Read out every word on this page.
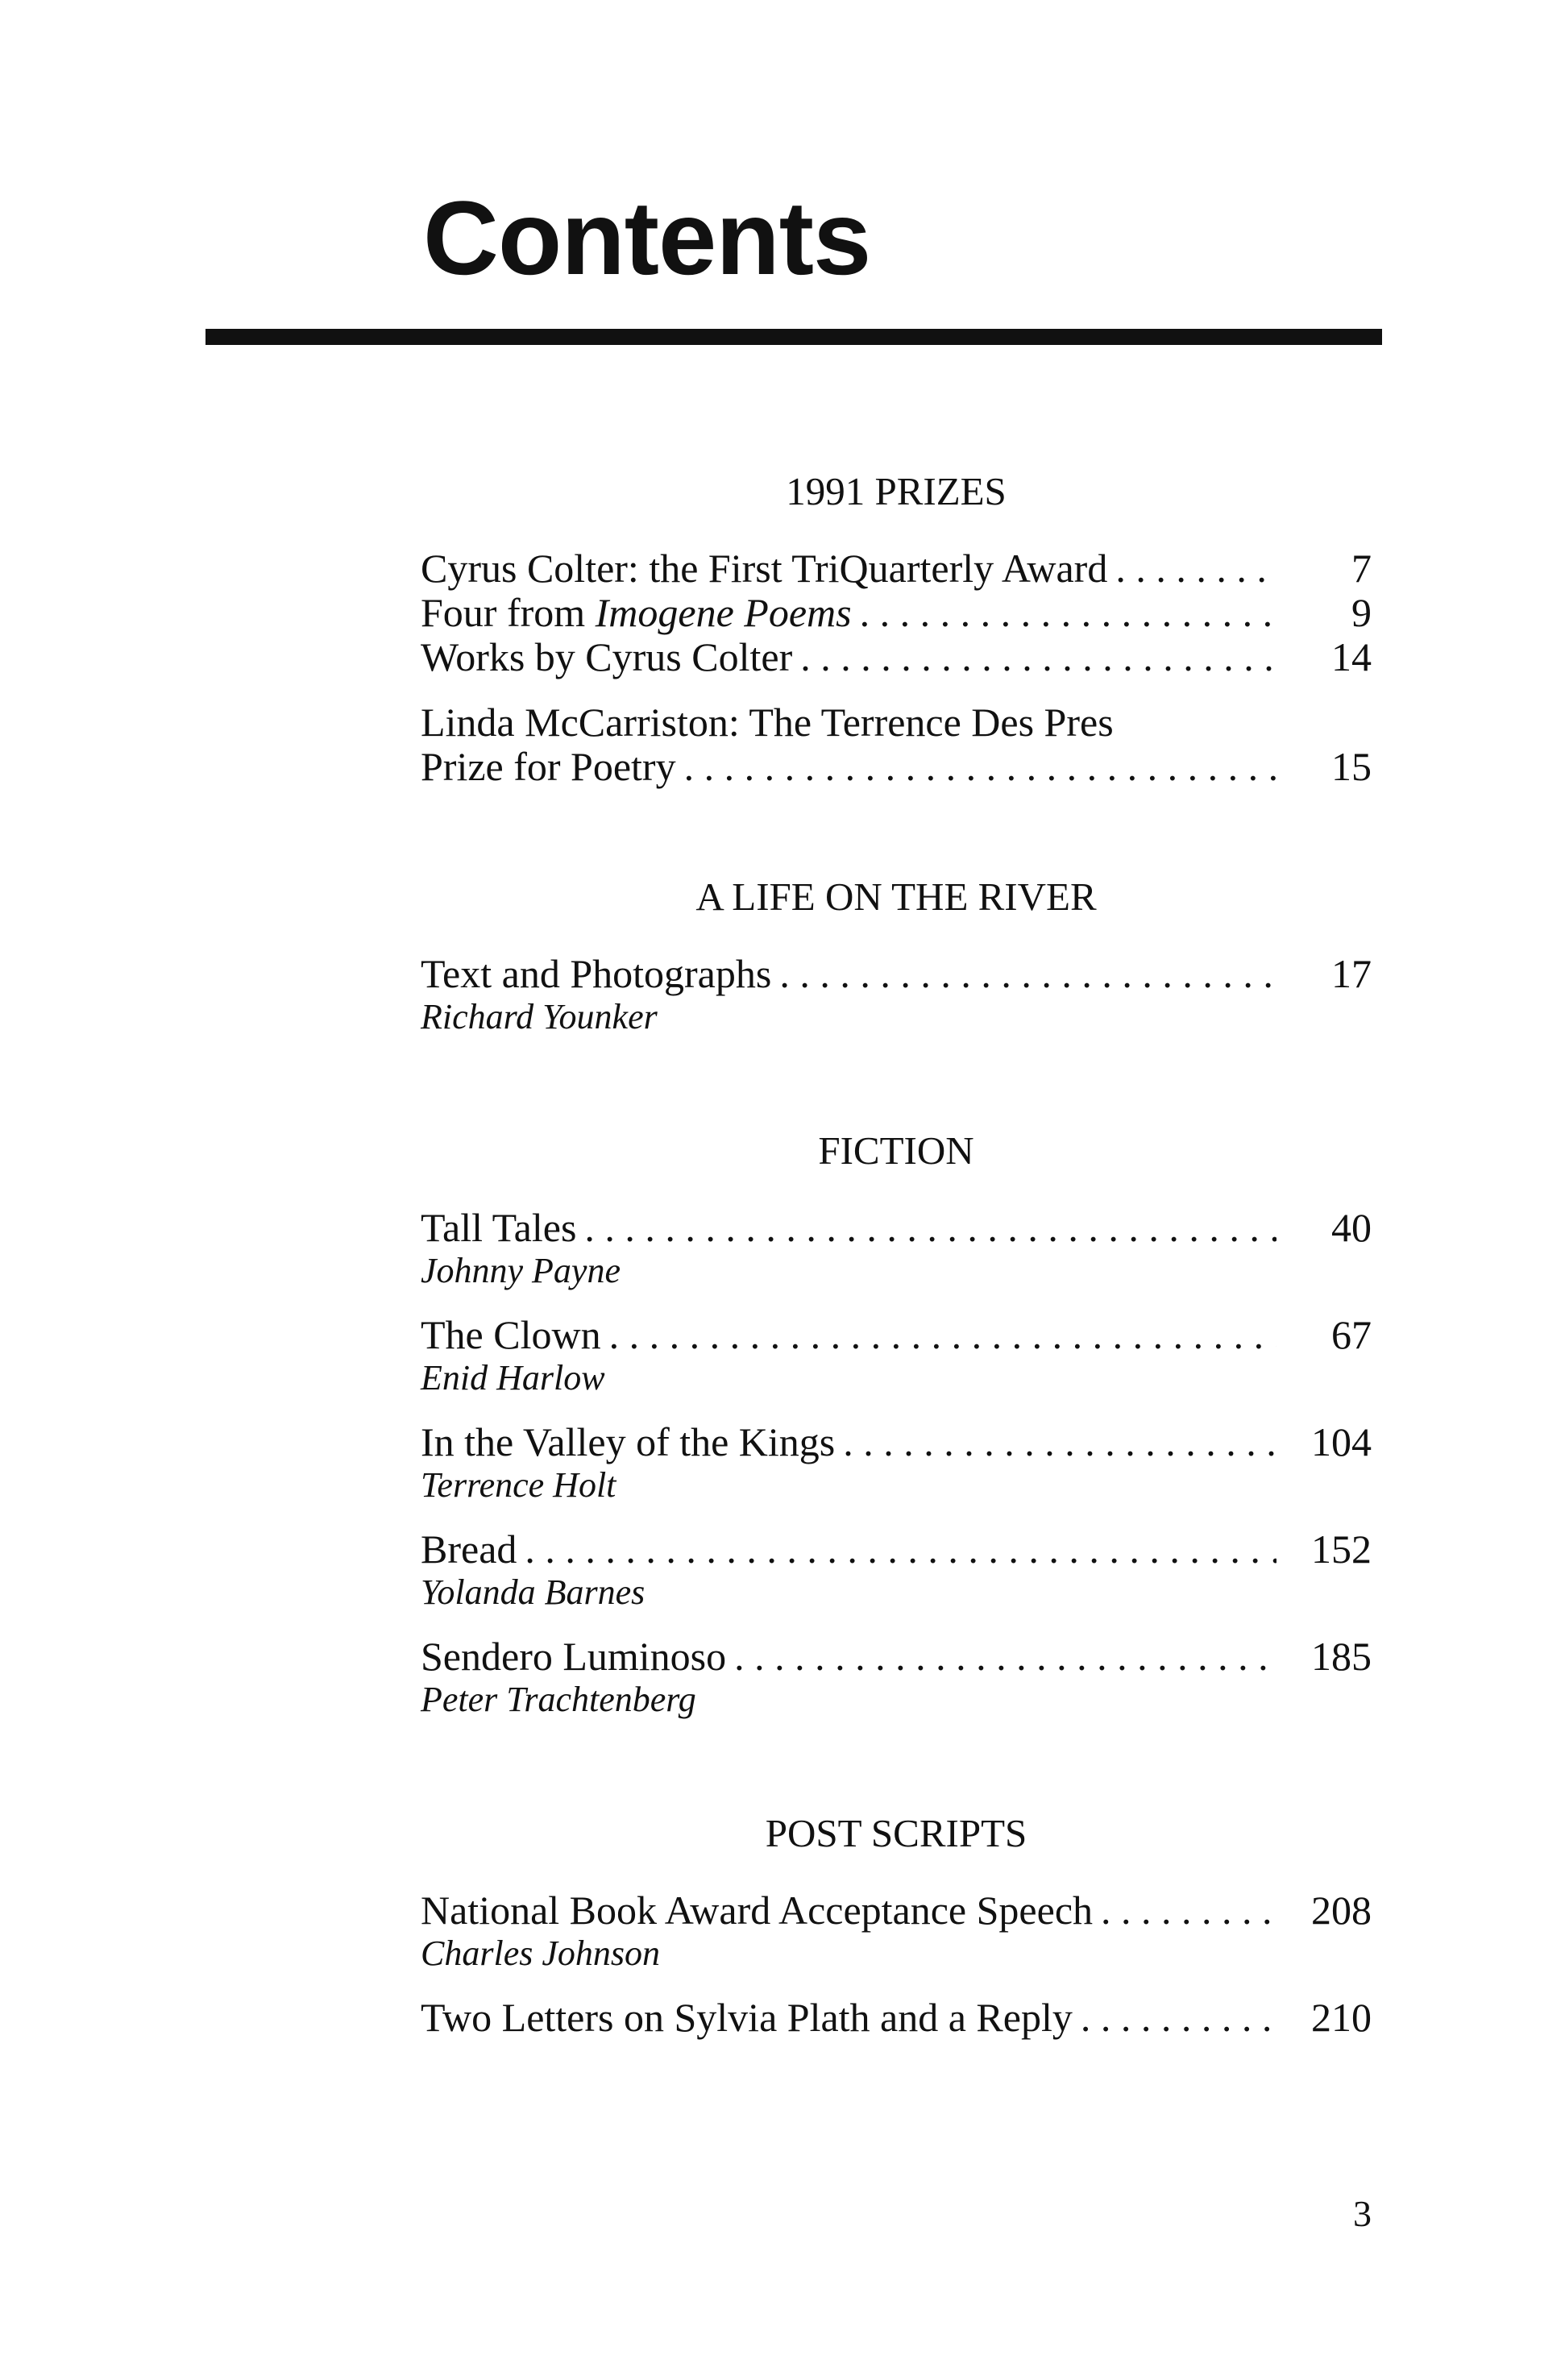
Contents
1991 PRIZES
Cyrus Colter: the First TriQuarterly Award . . .	7
Four from Imogene Poems . . .	9
Works by Cyrus Colter . . .	14
Linda McCarriston: The Terrence Des Pres
Prize for Poetry . . .	15
A LIFE ON THE RIVER
Text and Photographs . . .	17
Richard Younker
FICTION
Tall Tales . . .	40
Johnny Payne
The Clown . . .	67
Enid Harlow
In the Valley of the Kings . . .	104
Terrence Holt
Bread . . .	152
Yolanda Barnes
Sendero Luminoso . . .	185
Peter Trachtenberg
POST SCRIPTS
National Book Award Acceptance Speech . . .	208
Charles Johnson
Two Letters on Sylvia Plath and a Reply . . .	210
3
